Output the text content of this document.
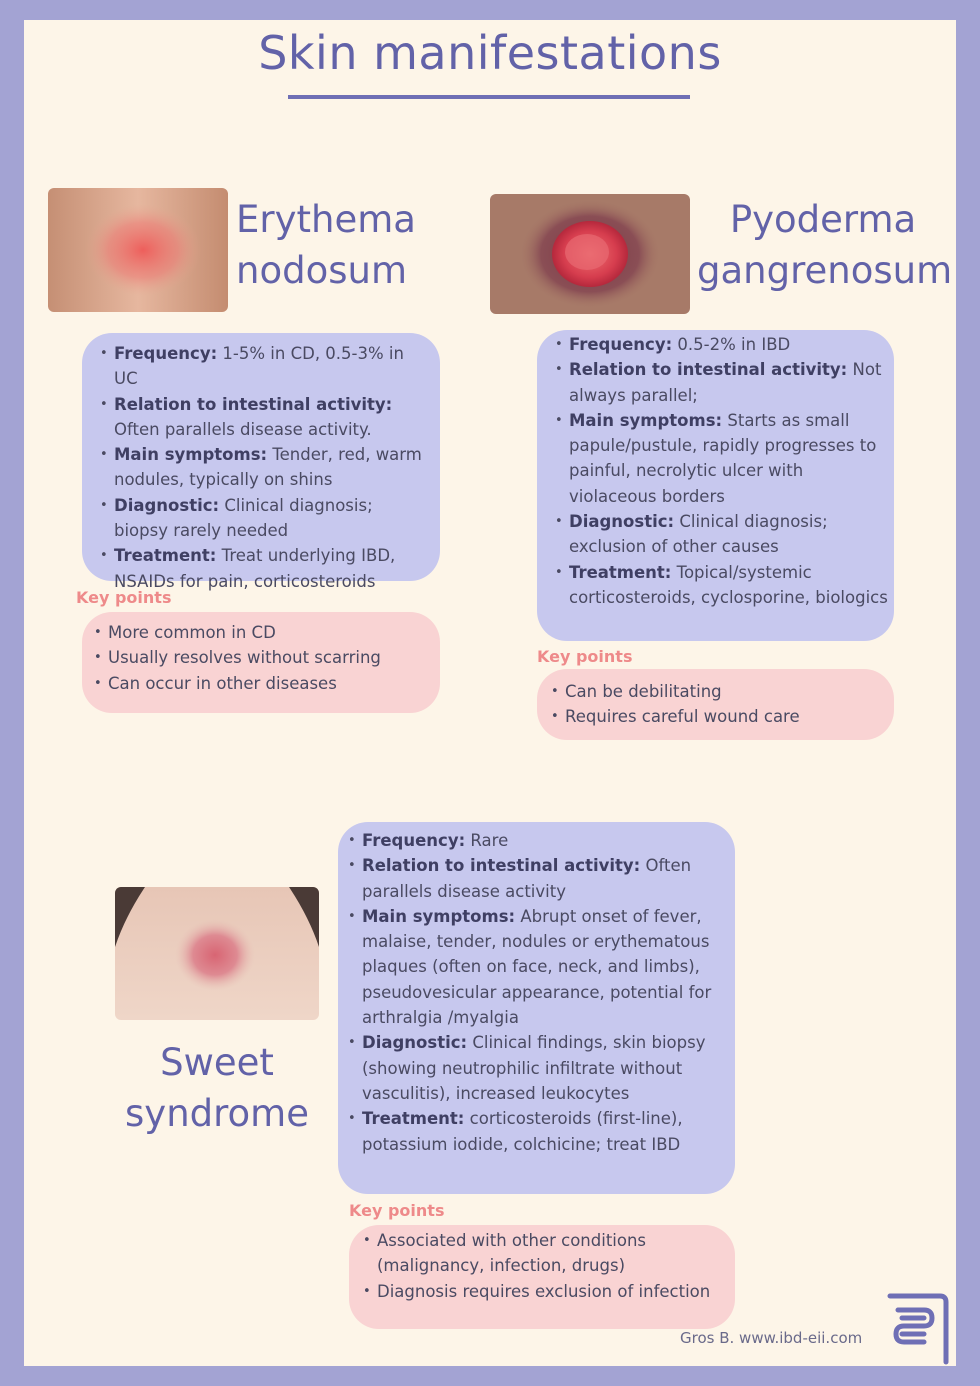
Skin manifestations
Erythema
nodosum
• Frequency: 1-5% in CD, 0.5-3% in UC
• Relation to intestinal activity: Often parallels disease activity.
• Main symptoms: Tender, red, warm nodules, typically on shins
• Diagnostic: Clinical diagnosis; biopsy rarely needed
• Treatment: Treat underlying IBD, NSAIDs for pain, corticosteroids
Key points
• More common in CD
• Usually resolves without scarring
• Can occur in other diseases
Pyoderma
gangrenosum
• Frequency: 0.5-2% in IBD
• Relation to intestinal activity: Not always parallel;
• Main symptoms: Starts as small papule/pustule, rapidly progresses to painful, necrolytic ulcer with violaceous borders
• Diagnostic: Clinical diagnosis; exclusion of other causes
• Treatment: Topical/systemic corticosteroids, cyclosporine, biologics
Key points
• Can be debilitating
• Requires careful wound care
Sweet
syndrome
• Frequency: Rare
• Relation to intestinal activity: Often parallels disease activity
• Main symptoms: Abrupt onset of fever, malaise, tender, nodules or erythematous plaques (often on face, neck, and limbs), pseudovesicular appearance, potential for arthralgia /myalgia
• Diagnostic: Clinical findings, skin biopsy (showing neutrophilic infiltrate without vasculitis), increased leukocytes
• Treatment: corticosteroids (first-line), potassium iodide, colchicine; treat IBD
Key points
• Associated with other conditions (malignancy, infection, drugs)
• Diagnosis requires exclusion of infection
Gros B. www.ibd-eii.com
